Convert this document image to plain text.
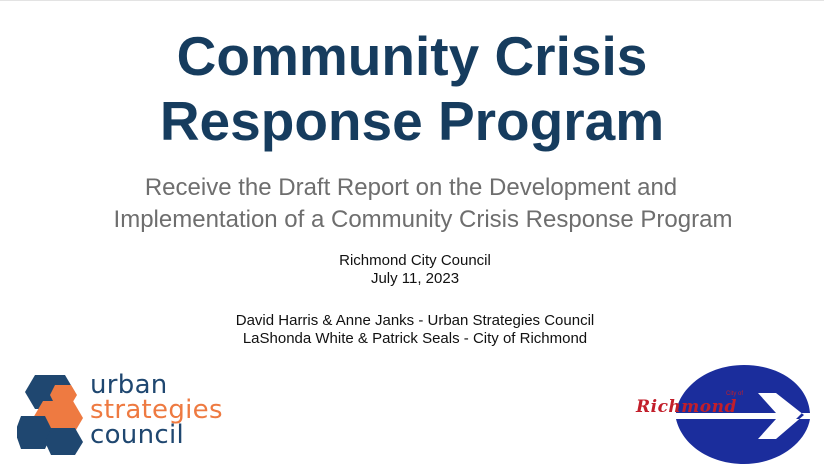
Community Crisis
Response Program
Receive the Draft Report on the Development and
Implementation of a Community Crisis Response Program
Richmond City Council
July 11, 2023
David Harris & Anne Janks - Urban Strategies Council
LaShonda White & Patrick Seals - City of Richmond
urban
strategies
council
City of
Richmond
